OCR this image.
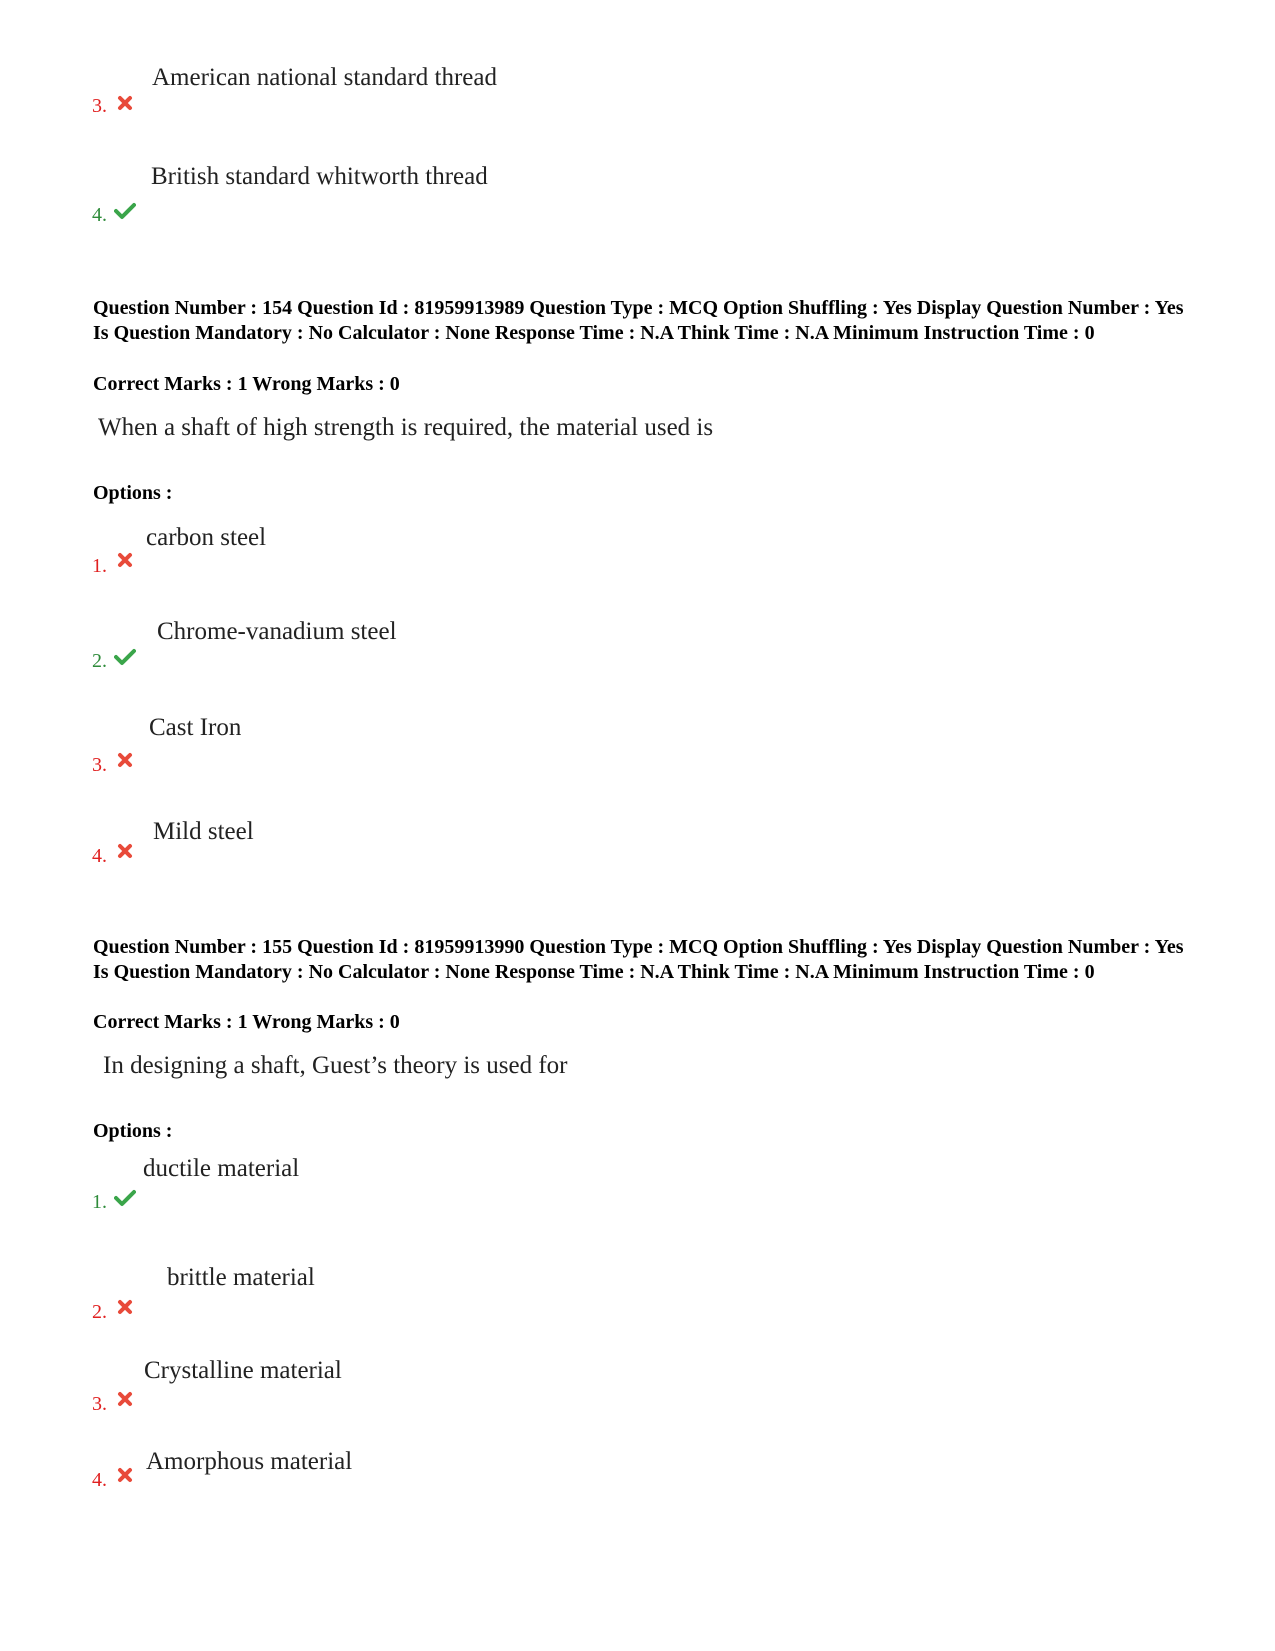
American national standard thread
3.
British standard whitworth thread
4.
Question Number : 154 Question Id : 81959913989 Question Type : MCQ Option Shuffling : Yes Display Question Number : Yes Is Question Mandatory : No Calculator : None Response Time : N.A Think Time : N.A Minimum Instruction Time : 0
Correct Marks : 1 Wrong Marks : 0
When a shaft of high strength is required, the material used is
Options :
carbon steel
1.
Chrome-vanadium steel
2.
Cast Iron
3.
Mild steel
4.
Question Number : 155 Question Id : 81959913990 Question Type : MCQ Option Shuffling : Yes Display Question Number : Yes Is Question Mandatory : No Calculator : None Response Time : N.A Think Time : N.A Minimum Instruction Time : 0
Correct Marks : 1 Wrong Marks : 0
In designing a shaft, Guest’s theory is used for
Options :
ductile material
1.
brittle material
2.
Crystalline material
3.
Amorphous material
4.
